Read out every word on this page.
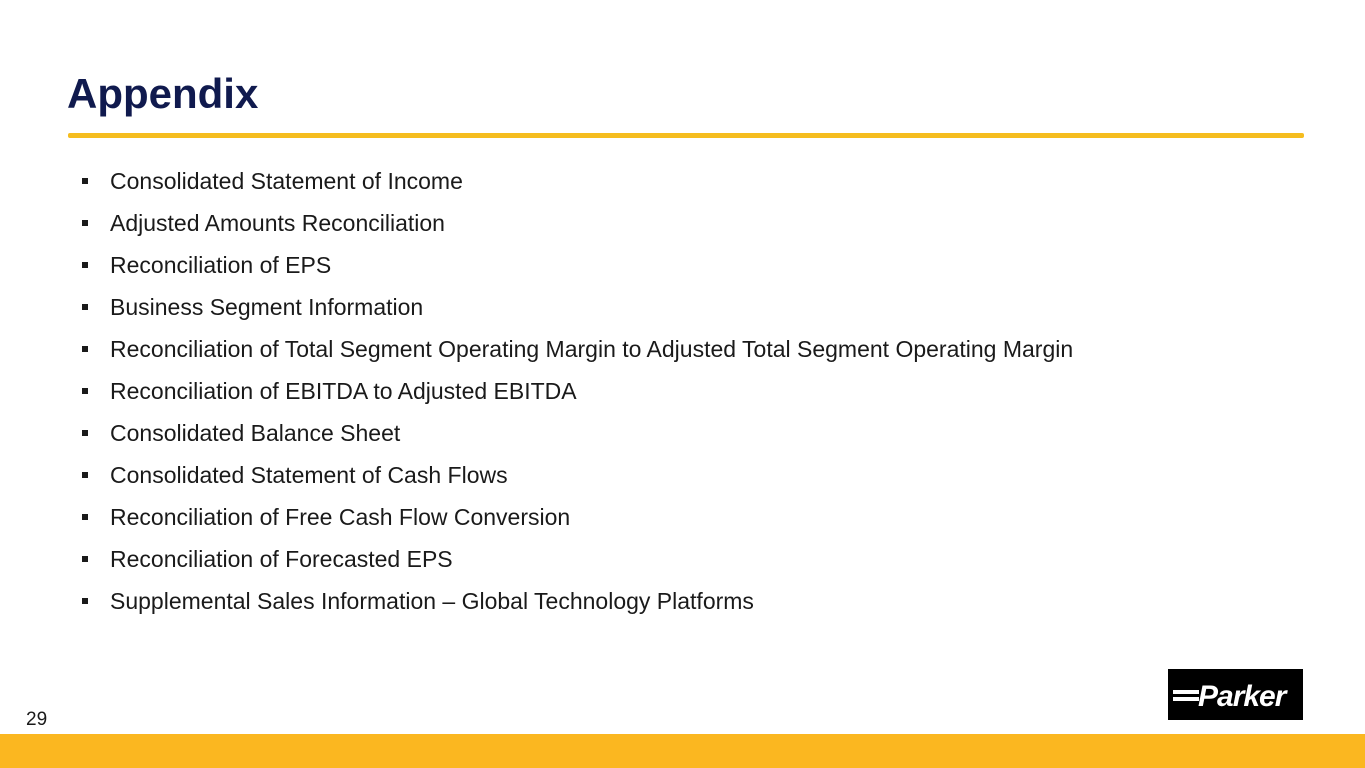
Appendix
Consolidated Statement of Income
Adjusted Amounts Reconciliation
Reconciliation of EPS
Business Segment Information
Reconciliation of Total Segment Operating Margin to Adjusted Total Segment Operating Margin
Reconciliation of EBITDA to Adjusted EBITDA
Consolidated Balance Sheet
Consolidated Statement of Cash Flows
Reconciliation of Free Cash Flow Conversion
Reconciliation of Forecasted EPS
Supplemental Sales Information – Global Technology Platforms
29
Parker
